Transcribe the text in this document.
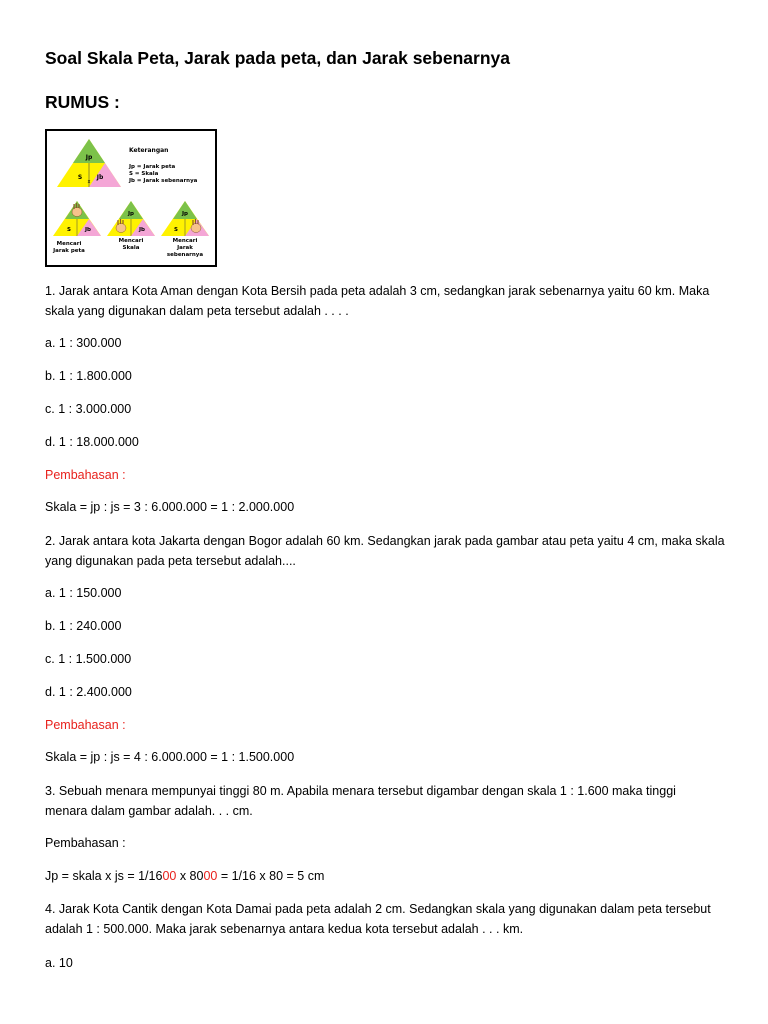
Soal Skala Peta, Jarak pada peta, dan Jarak sebenarnya
RUMUS :
Jp
S
x
Jb
Keterangan
Jp = Jarak peta
S = Skala
Jb = Jarak sebenarnya
S	Jb
Jp
Jb
Jp
S
Mencari
Jarak peta
Mencari
Skala
Mencari
Jarak
sebenarnya
1. Jarak antara Kota Aman dengan Kota Bersih pada peta adalah 3 cm, sedangkan jarak sebenarnya yaitu 60 km. Maka
skala yang digunakan dalam peta tersebut adalah . . . .
a. 1 : 300.000
b. 1 : 1.800.000
c. 1 : 3.000.000
d. 1 : 18.000.000
Pembahasan :
Skala = jp : js = 3 : 6.000.000 = 1 : 2.000.000
2. Jarak antara kota Jakarta dengan Bogor adalah 60 km. Sedangkan jarak pada gambar atau peta yaitu 4 cm, maka skala
yang digunakan pada peta tersebut adalah....
a. 1 : 150.000
b. 1 : 240.000
c. 1 : 1.500.000
d. 1 : 2.400.000
Pembahasan :
Skala = jp : js = 4 : 6.000.000 = 1 : 1.500.000
3. Sebuah menara mempunyai tinggi 80 m. Apabila menara tersebut digambar dengan skala 1 : 1.600 maka tinggi
menara dalam gambar adalah. . . cm.
Pembahasan :
Jp = skala x js = 1/1600 x 8000 = 1/16 x 80 = 5 cm
4. Jarak Kota Cantik dengan Kota Damai pada peta adalah 2 cm. Sedangkan skala yang digunakan dalam peta tersebut
adalah 1 : 500.000. Maka jarak sebenarnya antara kedua kota tersebut adalah . . . km.
a. 10
